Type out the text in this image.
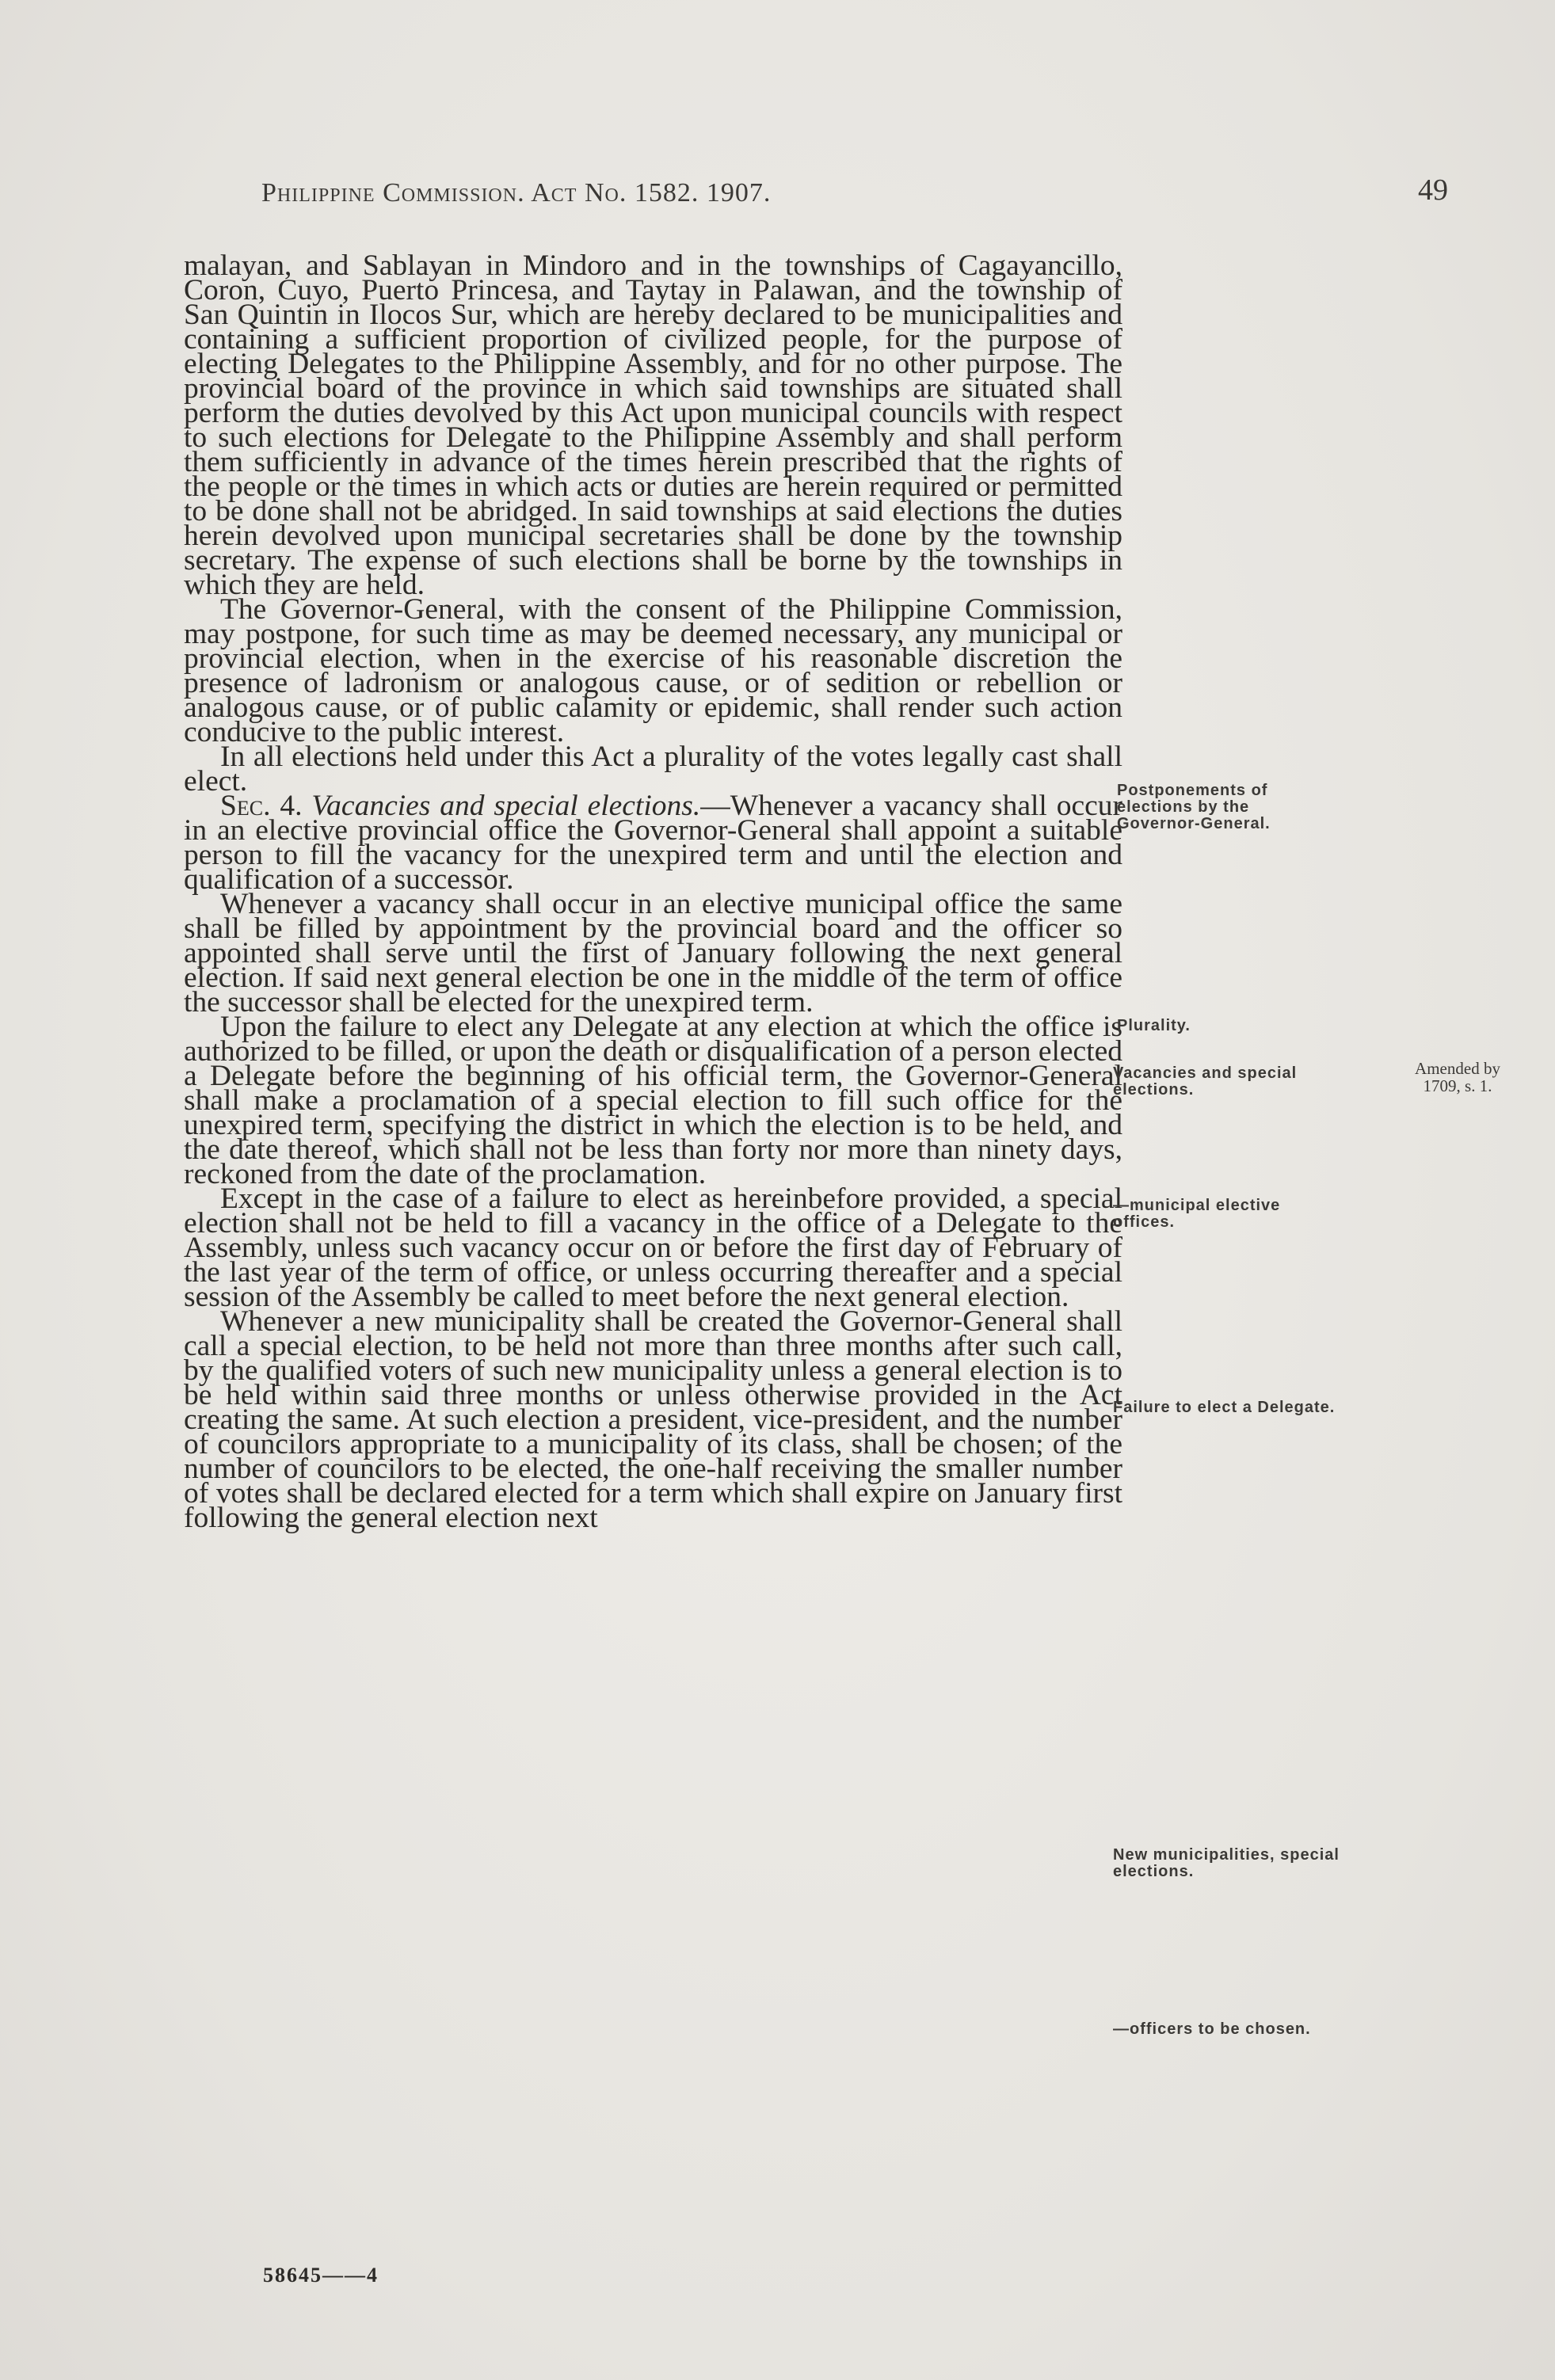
Philippine Commission. Act No. 1582. 1907.	49

malayan, and Sablayan in Mindoro and in the townships of Cagayancillo, Coron, Cuyo, Puerto Princesa, and Taytay in Palawan, and the township of San Quintin in Ilocos Sur, which are hereby declared to be municipalities and containing a sufficient proportion of civilized people, for the purpose of electing Delegates to the Philippine Assembly, and for no other purpose. The provincial board of the province in which said townships are situated shall perform the duties devolved by this Act upon municipal councils with respect to such elections for Delegate to the Philippine Assembly and shall perform them sufficiently in advance of the times herein prescribed that the rights of the people or the times in which acts or duties are herein required or permitted to be done shall not be abridged. In said townships at said elections the duties herein devolved upon municipal secretaries shall be done by the township secretary. The expense of such elections shall be borne by the townships in which they are held.

The Governor-General, with the consent of the Philippine Commission, may postpone, for such time as may be deemed necessary, any municipal or provincial election, when in the exercise of his reasonable discretion the presence of ladronism or analogous cause, or of sedition or rebellion or analogous cause, or of public calamity or epidemic, shall render such action conducive to the public interest.

In all elections held under this Act a plurality of the votes legally cast shall elect.

Sec. 4. Vacancies and special elections.—Whenever a vacancy shall occur in an elective provincial office the Governor-General shall appoint a suitable person to fill the vacancy for the unexpired term and until the election and qualification of a successor.

Whenever a vacancy shall occur in an elective municipal office the same shall be filled by appointment by the provincial board and the officer so appointed shall serve until the first of January following the next general election. If said next general election be one in the middle of the term of office the successor shall be elected for the unexpired term.

Upon the failure to elect any Delegate at any election at which the office is authorized to be filled, or upon the death or disqualification of a person elected a Delegate before the beginning of his official term, the Governor-General shall make a proclamation of a special election to fill such office for the unexpired term, specifying the district in which the election is to be held, and the date thereof, which shall not be less than forty nor more than ninety days, reckoned from the date of the proclamation.

Except in the case of a failure to elect as hereinbefore provided, a special election shall not be held to fill a vacancy in the office of a Delegate to the Assembly, unless such vacancy occur on or before the first day of February of the last year of the term of office, or unless occurring thereafter and a special session of the Assembly be called to meet before the next general election.

Whenever a new municipality shall be created the Governor-General shall call a special election, to be held not more than three months after such call, by the qualified voters of such new municipality unless a general election is to be held within said three months or unless otherwise provided in the Act creating the same. At such election a president, vice-president, and the number of councilors appropriate to a municipality of its class, shall be chosen; of the number of councilors to be elected, the one-half receiving the smaller number of votes shall be declared elected for a term which shall expire on January first following the general election next

Postponements of elections by the Governor-General.
Plurality.
Vacancies and special elections.
Amended by 1709, s. 1.
—municipal elective offices.
Failure to elect a Delegate.
New municipalities, special elections.
—officers to be chosen.
58645——4
